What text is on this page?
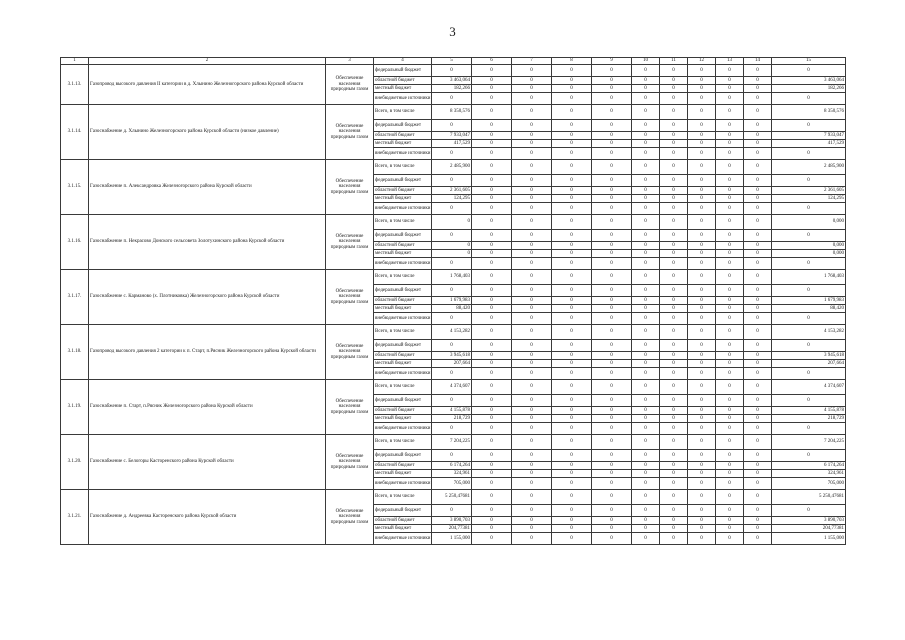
3
1	2	3	4	5	6	7	8	9	10	11	12	13	14	15
3.1.13.	Газопровод высокого давления II категории в д. Хлынино Железногорского района Курской области	Обеспечение населения природным газом	федеральный бюджет	0	0	0	0	0	0	0	0	0	0	0
			областной бюджет	3 463,064	0	0	0	0	0	0	0	0	0	3 463,064
			местный бюджет	182,266	0	0	0	0	0	0	0	0	0	182,266
			внебюджетные источники	0	0	0	0	0	0	0	0	0	0	0
3.1.14.	Газоснабжение д. Хлынино Железногорского района Курской области (низкое давление)	Обеспечение населения природным газом	Всего, в том числе	8 350,576	0	0	0	0	0	0	0	0	0	8 350,576
			федеральный бюджет	0	0	0	0	0	0	0	0	0	0	0
			областной бюджет	7 933,047	0	0	0	0	0	0	0	0	0	7 933,047
			местный бюджет	417,529	0	0	0	0	0	0	0	0	0	417,529
			внебюджетные источники	0	0	0	0	0	0	0	0	0	0	0
3.1.15.	Газоснабжение п. Александровка Железногорского района Курской области	Обеспечение населения природным газом	Всего, в том числе	2 485,900	0	0	0	0	0	0	0	0	0	2 485,900
			федеральный бюджет	0	0	0	0	0	0	0	0	0	0	0
			областной бюджет	2 361,605	0	0	0	0	0	0	0	0	0	2 361,605
			местный бюджет	124,295	0	0	0	0	0	0	0	0	0	124,295
			внебюджетные источники	0	0	0	0	0	0	0	0	0	0	0
3.1.16.	Газоснабжение п. Некрасово Донского сельсовета Золотухинского района Курской области	Обеспечение населения природным газом	Всего, в том числе	0	0	0	0	0	0	0	0	0	0	0,000
			федеральный бюджет	0	0	0	0	0	0	0	0	0	0	0
			областной бюджет	0	0	0	0	0	0	0	0	0	0	0,000
			местный бюджет	0	0	0	0	0	0	0	0	0	0	0,000
			внебюджетные источники	0	0	0	0	0	0	0	0	0	0	0
3.1.17.	Газоснабжение с. Карманово (х. Плотниковка) Железногорского района Курской области	Обеспечение населения природным газом	Всего, в том числе	1 768,403	0	0	0	0	0	0	0	0	0	1 768,403
			федеральный бюджет	0	0	0	0	0	0	0	0	0	0	0
			областной бюджет	1 679,983	0	0	0	0	0	0	0	0	0	1 679,983
			местный бюджет	88,420	0	0	0	0	0	0	0	0	0	88,420
			внебюджетные источники	0	0	0	0	0	0	0	0	0	0	0
3.1.18.	Газопровод высокого давления 2 категории к п. Старт, п.Рясник Железногорского района Курской области	Обеспечение населения природным газом	Всего, в том числе	4 153,282	0	0	0	0	0	0	0	0	0	4 153,282
			федеральный бюджет	0	0	0	0	0	0	0	0	0	0	0
			областной бюджет	3 945,618	0	0	0	0	0	0	0	0	0	3 945,618
			местный бюджет	207,664	0	0	0	0	0	0	0	0	0	207,664
			внебюджетные источники	0	0	0	0	0	0	0	0	0	0	0
3.1.19.	Газоснабжение п. Старт, п.Рясник Железногорского района Курской области	Обеспечение населения природным газом	Всего, в том числе	4 374,607	0	0	0	0	0	0	0	0	0	4 374,607
			федеральный бюджет	0	0	0	0	0	0	0	0	0	0	0
			областной бюджет	4 155,878	0	0	0	0	0	0	0	0	0	4 155,878
			местный бюджет	218,729	0	0	0	0	0	0	0	0	0	218,729
			внебюджетные источники	0	0	0	0	0	0	0	0	0	0	0
3.1.20.	Газоснабжение с. Белогоры Касторенского района Курской области	Обеспечение населения природным газом	Всего, в том числе	7 204,225	0	0	0	0	0	0	0	0	0	7 204,225
			федеральный бюджет	0	0	0	0	0	0	0	0	0	0	0
			областной бюджет	6 174,264	0	0	0	0	0	0	0	0	0	6 174,264
			местный бюджет	324,961	0	0	0	0	0	0	0	0	0	324,961
			внебюджетные источники	705,000	0	0	0	0	0	0	0	0	0	705,000
3.1.21.	Газоснабжение д. Андреевка Касторенского района Курской области	Обеспечение населения природным газом	Всего, в том числе	5 250,47681	0	0	0	0	0	0	0	0	0	5 250,47681
			федеральный бюджет	0	0	0	0	0	0	0	0	0	0	0
			областной бюджет	3 890,703	0	0	0	0	0	0	0	0	0	3 890,703
			местный бюджет	204,77381	0	0	0	0	0	0	0	0	0	204,77381
			внебюджетные источники	1 155,000	0	0	0	0	0	0	0	0	0	1 155,000
